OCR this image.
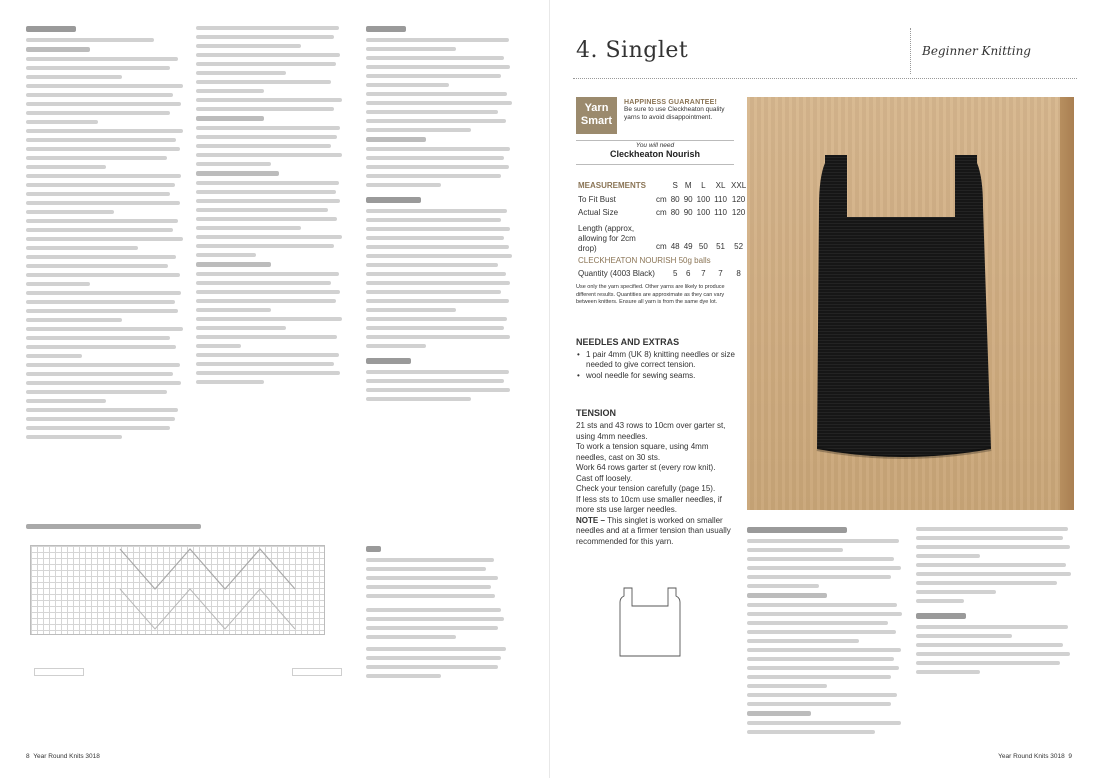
4. Singlet	Beginner Knitting
Yarn
Smart
HAPPINESS GUARANTEE!
Be sure to use Cleckheaton quality yarns to avoid disappointment.
You will need
Cleckheaton Nourish
MEASUREMENTS		S	M	L	XL	XXL
To Fit Bust	cm	80	90	100	110	120
Actual Size	cm	80	90	100	110	120
Length (approx, allowing for 2cm drop)	cm	48	49	50	51	52
CLECKHEATON NOURISH 50g balls						
Quantity (4003 Black)		5	6	7	7	8
Use only the yarn specified. Other yarns are likely to produce different results. Quantities are approximate as they can vary between knitters. Ensure all yarn is from the same dye lot.
NEEDLES AND EXTRAS
• 1 pair 4mm (UK 8) knitting needles or size needed to give correct tension.
• wool needle for sewing seams.
TENSION

21 sts and 43 rows to 10cm over garter st, using 4mm needles.

To work a tension square, using 4mm needles, cast on 30 sts.

Work 64 rows garter st (every row knit).

Cast off loosely.

Check your tension carefully (page 15).

If less sts to 10cm use smaller needles, if more sts use larger needles.

NOTE – This singlet is worked on smaller needles and at a firmer tension than usually recommended for this yarn.

8 Year Round Knits 3018	Year Round Knits 3018 9
